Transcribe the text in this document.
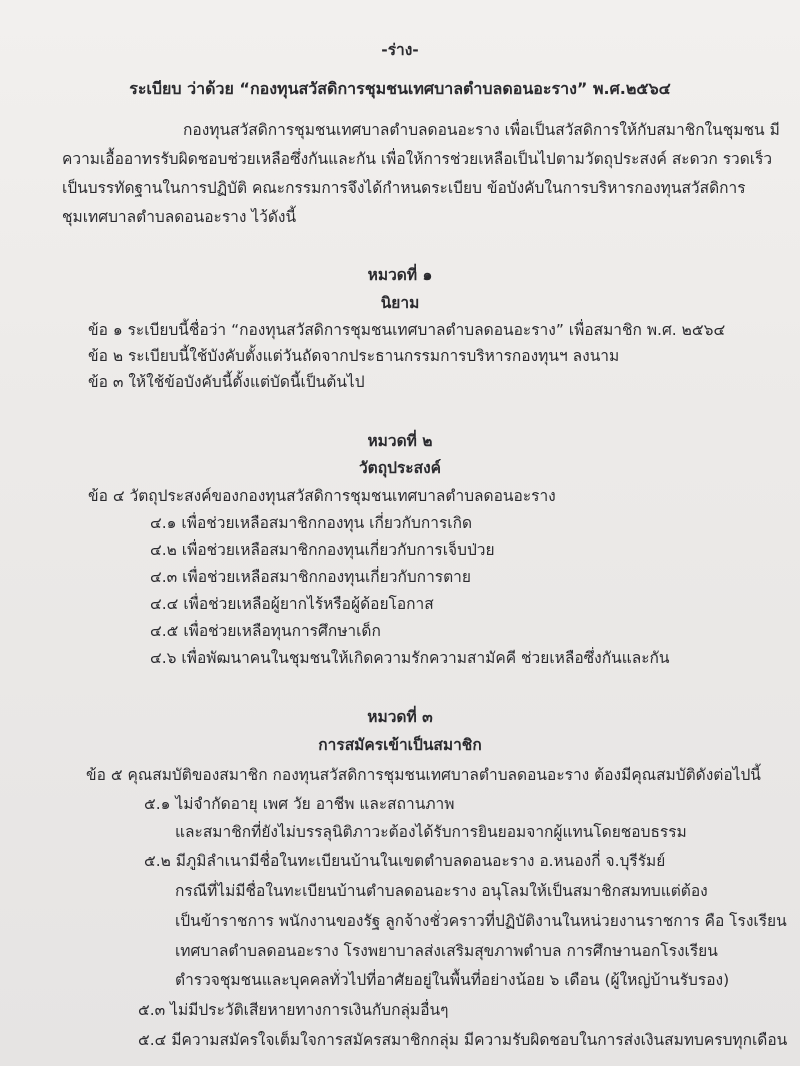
-ร่าง-
ระเบียบ ว่าด้วย “กองทุนสวัสดิการชุมชนเทศบาลตำบลดอนอะราง” พ.ศ.๒๕๖๔
กองทุนสวัสดิการชุมชนเทศบาลตำบลดอนอะราง เพื่อเป็นสวัสดิการให้กับสมาชิกในชุมชน มี
ความเอื้ออาทรรับผิดชอบช่วยเหลือซึ่งกันและกัน เพื่อให้การช่วยเหลือเป็นไปตามวัตถุประสงค์ สะดวก รวดเร็ว
เป็นบรรทัดฐานในการปฏิบัติ คณะกรรมการจึงได้กำหนดระเบียบ ข้อบังคับในการบริหารกองทุนสวัสดิการ
ชุมเทศบาลตำบลดอนอะราง ไว้ดังนี้
หมวดที่ ๑
นิยาม
ข้อ ๑ ระเบียบนี้ชื่อว่า “กองทุนสวัสดิการชุมชนเทศบาลตำบลดอนอะราง” เพื่อสมาชิก พ.ศ. ๒๕๖๔
ข้อ ๒ ระเบียบนี้ใช้บังคับตั้งแต่วันถัดจากประธานกรรมการบริหารกองทุนฯ ลงนาม
ข้อ ๓ ให้ใช้ข้อบังคับนี้ตั้งแต่บัดนี้เป็นต้นไป
หมวดที่ ๒
วัตถุประสงค์
ข้อ ๔ วัตถุประสงค์ของกองทุนสวัสดิการชุมชนเทศบาลตำบลดอนอะราง
๔.๑ เพื่อช่วยเหลือสมาชิกกองทุน เกี่ยวกับการเกิด
๔.๒ เพื่อช่วยเหลือสมาชิกกองทุนเกี่ยวกับการเจ็บป่วย
๔.๓ เพื่อช่วยเหลือสมาชิกกองทุนเกี่ยวกับการตาย
๔.๔ เพื่อช่วยเหลือผู้ยากไร้หรือผู้ด้อยโอกาส
๔.๕ เพื่อช่วยเหลือทุนการศึกษาเด็ก
๔.๖ เพื่อพัฒนาคนในชุมชนให้เกิดความรักความสามัคคี ช่วยเหลือซึ่งกันและกัน
หมวดที่ ๓
การสมัครเข้าเป็นสมาชิก
ข้อ ๕ คุณสมบัติของสมาชิก กองทุนสวัสดิการชุมชนเทศบาลตำบลดอนอะราง ต้องมีคุณสมบัติดังต่อไปนี้
๕.๑ ไม่จำกัดอายุ เพศ วัย อาชีพ และสถานภาพ
และสมาชิกที่ยังไม่บรรลุนิติภาวะต้องได้รับการยินยอมจากผู้แทนโดยชอบธรรม
๕.๒ มีภูมิลำเนามีชื่อในทะเบียนบ้านในเขตตำบลดอนอะราง อ.หนองกี่ จ.บุรีรัมย์
กรณีที่ไม่มีชื่อในทะเบียนบ้านตำบลดอนอะราง อนุโลมให้เป็นสมาชิกสมทบแต่ต้อง
เป็นข้าราชการ พนักงานของรัฐ ลูกจ้างชั่วคราวที่ปฏิบัติงานในหน่วยงานราชการ คือ โรงเรียน
เทศบาลตำบลดอนอะราง โรงพยาบาลส่งเสริมสุขภาพตำบล การศึกษานอกโรงเรียน
ตำรวจชุมชนและบุคคลทั่วไปที่อาศัยอยู่ในพื้นที่อย่างน้อย ๖ เดือน (ผู้ใหญ่บ้านรับรอง)
๕.๓ ไม่มีประวัติเสียหายทางการเงินกับกลุ่มอื่นๆ
๕.๔ มีความสมัครใจเต็มใจการสมัครสมาชิกกลุ่ม มีความรับผิดชอบในการส่งเงินสมทบครบทุกเดือน
